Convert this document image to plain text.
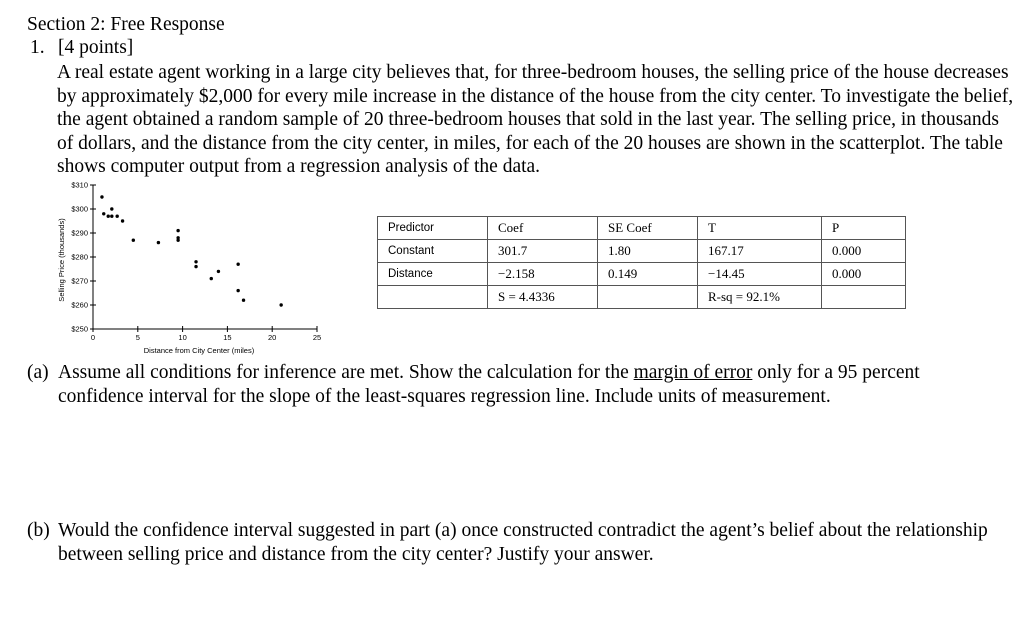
Section 2: Free Response
1. [4 points]
A real estate agent working in a large city believes that, for three-bedroom houses, the selling price of the house decreases by approximately $2,000 for every mile increase in the distance of the house from the city center. To investigate the belief, the agent obtained a random sample of 20 three-bedroom houses that sold in the last year. The selling price, in thousands of dollars, and the distance from the city center, in miles, for each of the 20 houses are shown in the scatterplot. The table shows computer output from a regression analysis of the data.
$250
$260
$270
$280
$290
$300
$310
0	5	10	15	20	25
Distance from City Center (miles)
Selling Price (thousands)	Predictor	Coef	SE Coef	T	P
Constant	301.7	1.80	167.17	0.000
Distance	−2.158	0.149	−14.45	0.000
	S = 4.4336		R-sq = 92.1%	
(a) Assume all conditions for inference are met. Show the calculation for the margin of error only for a 95 percent confidence interval for the slope of the least-squares regression line. Include units of measurement.
(b) Would the confidence interval suggested in part (a) once constructed contradict the agent’s belief about the relationship between selling price and distance from the city center? Justify your answer.
